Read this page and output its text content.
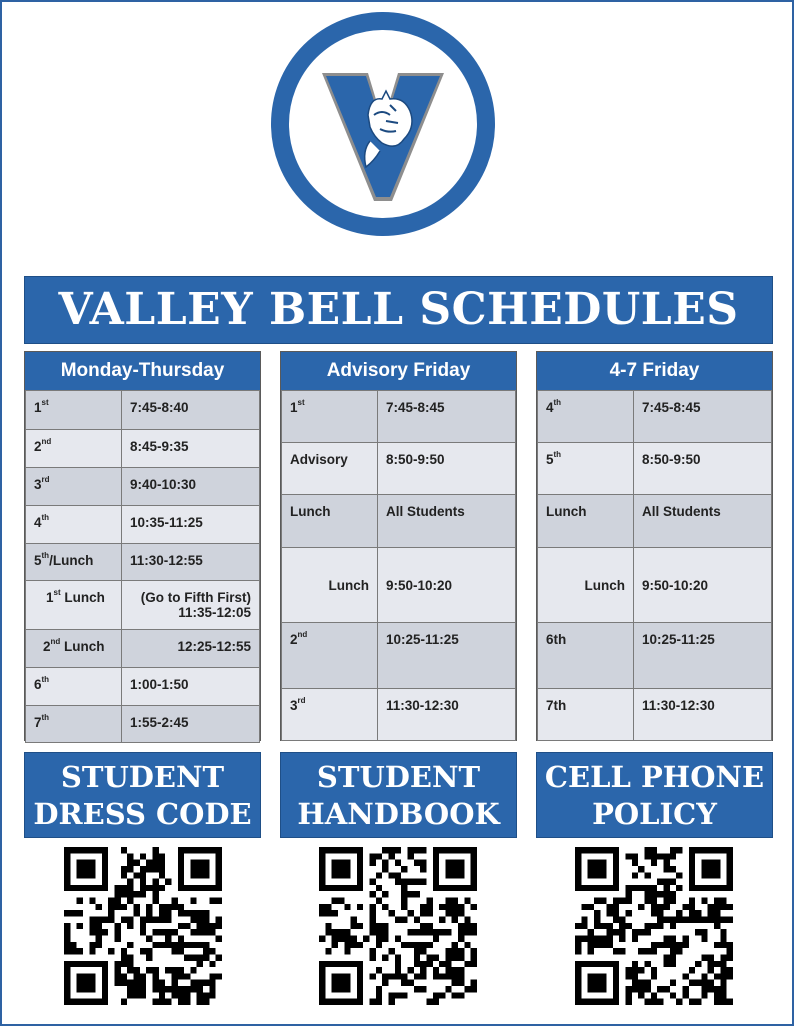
VALLEY BELL SCHEDULES
Monday-Thursday
1st	7:45-8:40
2nd	8:45-9:35
3rd	9:40-10:30
4th	10:35-11:25
5th/Lunch	11:30-12:55
1st Lunch	(Go to Fifth First)
11:35-12:05

2nd Lunch	12:25-12:55
6th	1:00-1:50
7th	1:55-2:45
Advisory Friday
1st	7:45-8:45
Advisory	8:50-9:50
Lunch	All Students
Lunch	9:50-10:20
2nd	10:25-11:25
3rd	11:30-12:30
4-7 Friday
4th	7:45-8:45
5th	8:50-9:50
Lunch	All Students
Lunch	9:50-10:20
6th	10:25-11:25
7th	11:30-12:30
STUDENT
DRESS CODE
STUDENT
HANDBOOK
CELL PHONE
POLICY
